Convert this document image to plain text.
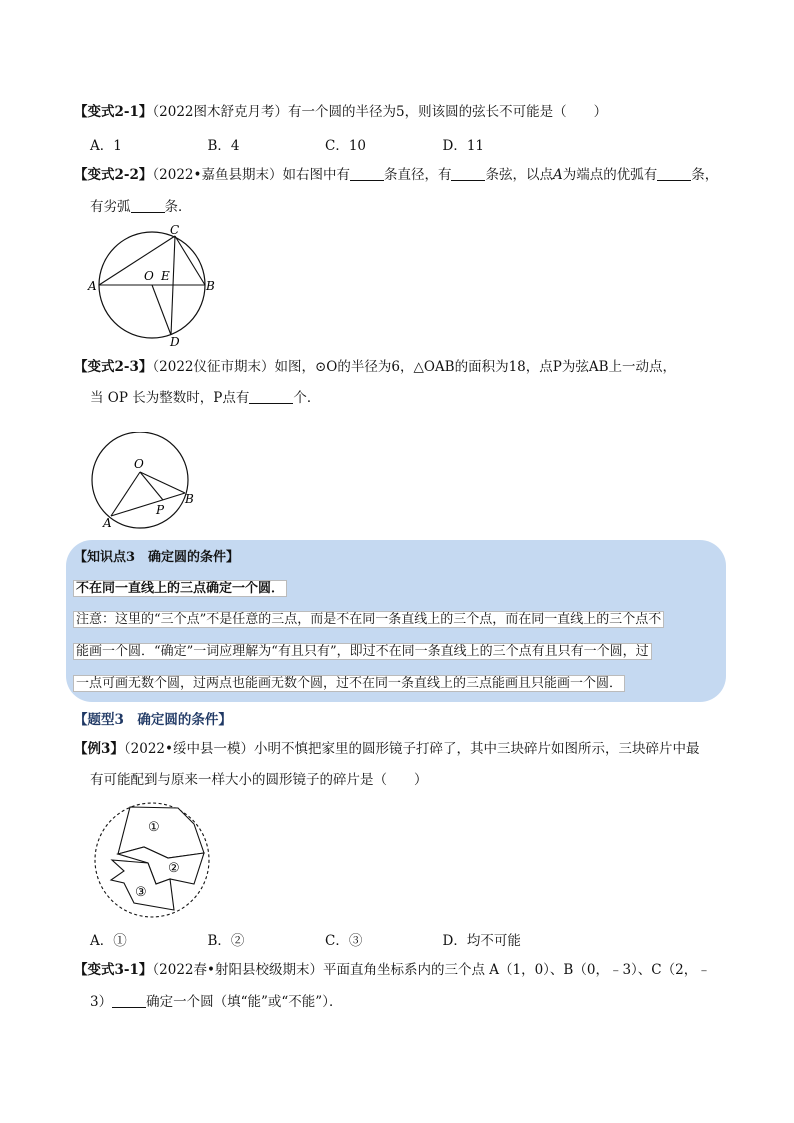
【变式2-1】（2022图木舒克月考）有一个圆的半径为5，则该圆的弦长不可能是（　　）
A．1	B．4	C．10	D．11
【变式2-2】（2022•嘉鱼县期末）如右图中有	条直径，有	条弦，以点A为端点的优弧有	条，
有劣弧	条．
C
A
O E
B
D
【变式2-3】（2022仪征市期末）如图，⊙O的半径为6，△OAB的面积为18，点P为弦AB上一动点，
当 OP 长为整数时，P点有	个．
O
A
B
P
【知识点3　确定圆的条件】
不在同一直线上的三点确定一个圆．
注意：这里的“三个点”不是任意的三点，而是不在同一条直线上的三个点，而在同一直线上的三个点不
能画一个圆．“确定”一词应理解为“有且只有”，即过不在同一条直线上的三个点有且只有一个圆，过
一点可画无数个圆，过两点也能画无数个圆，过不在同一条直线上的三点能画且只能画一个圆．
【题型3　确定圆的条件】
【例3】（2022•绥中县一模）小明不慎把家里的圆形镜子打碎了，其中三块碎片如图所示，三块碎片中最
有可能配到与原来一样大小的圆形镜子的碎片是（　　）
①
②
③
A．①	B．②	C．③	D．均不可能
【变式3-1】（2022春•射阳县校级期末）平面直角坐标系内的三个点 A（1，0）、B（0，﹣3）、C（2，﹣
3）	确定一个圆（填“能”或“不能”）．
